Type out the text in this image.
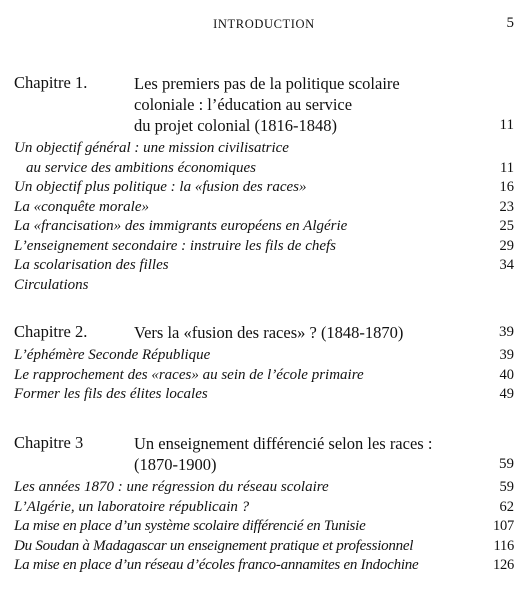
INTRODUCTION	5
Chapitre 1.	Les premiers pas de la politique scolaire
coloniale : l’éducation au service
du projet colonial (1816-1848)	11
Un objectif général : une mission civilisatrice
au service des ambitions économiques	11
Un objectif plus politique : la «fusion des races»	16
La «conquête morale»	23
La «francisation» des immigrants européens en Algérie	25
L’enseignement secondaire : instruire les fils de chefs	29
La scolarisation des filles	34
Circulations
Chapitre 2.	Vers la «fusion des races» ? (1848-1870)	39
L’éphémère Seconde République	39
Le rapprochement des «races» au sein de l’école primaire	40
Former les fils des élites locales	49
Chapitre 3	Un enseignement différencié selon les races :
(1870-1900)	59
Les années 1870 : une régression du réseau scolaire	59
L’Algérie, un laboratoire républicain ?	62
La mise en place d’un système scolaire différencié en Tunisie	107
Du Soudan à Madagascar un enseignement pratique et professionnel	116
La mise en place d’un réseau d’écoles franco-annamites en Indochine	126
